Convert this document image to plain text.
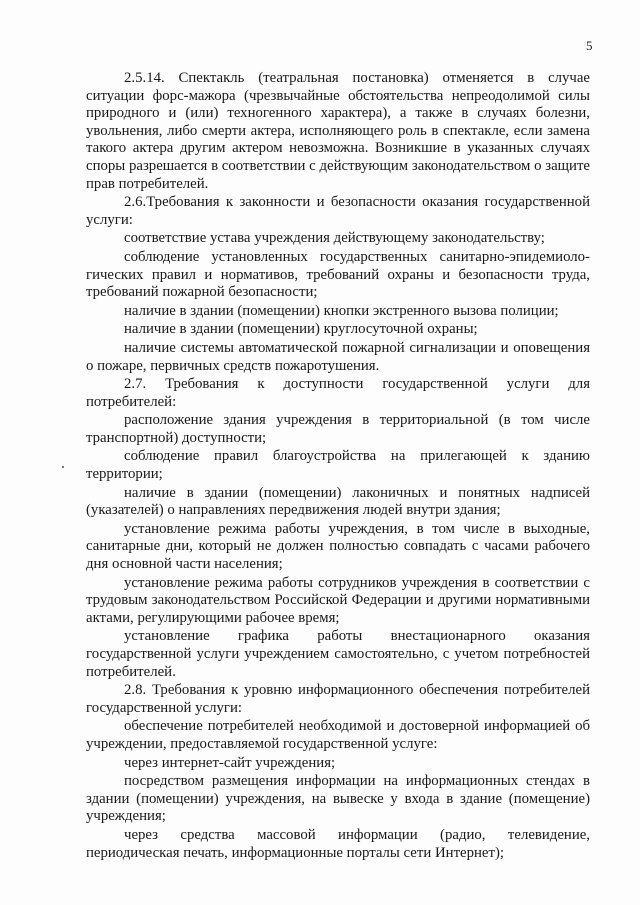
5

2.5.14. Спектакль (театральная постановка) отменяется в случае ситуации форс-мажора (чрезвычайные обстоятельства непреодолимой силы природного и (или) техногенного характера), а также в случаях болезни, увольнения, либо смерти актера, исполняющего роль в спектакле, если замена такого актера другим актером невозможна. Возникшие в указанных случаях споры разрешается в соответствии с действующим законодательством о защите прав потребителей.

2.6.Требования к законности и безопасности оказания государственной услуги:

соответствие устава учреждения действующему законодательству;

соблюдение установленных государственных санитарно-эпидемиоло-гических правил и нормативов, требований охраны и безопасности труда, требований пожарной безопасности;

наличие в здании (помещении) кнопки экстренного вызова полиции;

наличие в здании (помещении) круглосуточной охраны;

наличие системы автоматической пожарной сигнализации и оповещения о пожаре, первичных средств пожаротушения.

2.7. Требования к доступности государственной услуги для потребителей:

расположение здания учреждения в территориальной (в том числе транспортной) доступности;

соблюдение правил благоустройства на прилегающей к зданию территории;

наличие в здании (помещении) лаконичных и понятных надписей (указателей) о направлениях передвижения людей внутри здания;

установление режима работы учреждения, в том числе в выходные, санитарные дни, который не должен полностью совпадать с часами рабочего дня основной части населения;

установление режима работы сотрудников учреждения в соответствии с трудовым законодательством Российской Федерации и другими нормативными актами, регулирующими рабочее время;

установление графика работы внестационарного оказания государственной услуги учреждением самостоятельно, с учетом потребностей потребителей.

2.8. Требования к уровню информационного обеспечения потребителей государственной услуги:

обеспечение потребителей необходимой и достоверной информацией об учреждении, предоставляемой государственной услуге:

через интернет-сайт учреждения;

посредством размещения информации на информационных стендах в здании (помещении) учреждения, на вывеске у входа в здание (помещение) учреждения;

через средства массовой информации (радио, телевидение, периодическая печать, информационные порталы сети Интернет);
